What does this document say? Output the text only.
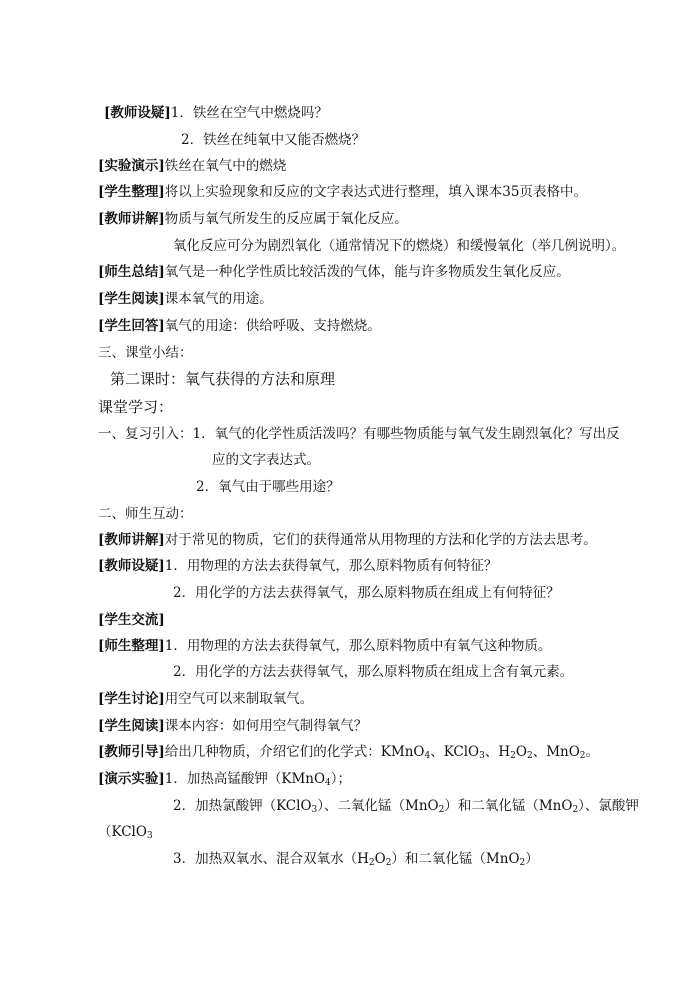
[教师设疑]1．铁丝在空气中燃烧吗？
2．铁丝在纯氧中又能否燃烧？
[实验演示]铁丝在氧气中的燃烧
[学生整理]将以上实验现象和反应的文字表达式进行整理，填入课本35页表格中。
[教师讲解]物质与氧气所发生的反应属于氧化反应。
氧化反应可分为剧烈氧化（通常情况下的燃烧）和缓慢氧化（举几例说明）。
[师生总结]氧气是一种化学性质比较活泼的气体，能与许多物质发生氧化反应。
[学生阅读]课本氧气的用途。
[学生回答]氧气的用途：供给呼吸、支持燃烧。
三、课堂小结：
第二课时：氧气获得的方法和原理
课堂学习：
一、复习引入：1．氧气的化学性质活泼吗？有哪些物质能与氧气发生剧烈氧化？写出反
应的文字表达式。
2．氧气由于哪些用途？
二、师生互动：
[教师讲解]对于常见的物质，它们的获得通常从用物理的方法和化学的方法去思考。
[教师设疑]1．用物理的方法去获得氧气，那么原料物质有何特征？
2．用化学的方法去获得氧气，那么原料物质在组成上有何特征？
[学生交流]
[师生整理]1．用物理的方法去获得氧气，那么原料物质中有氧气这种物质。
2．用化学的方法去获得氧气，那么原料物质在组成上含有氧元素。
[学生讨论]用空气可以来制取氧气。
[学生阅读]课本内容：如何用空气制得氧气？
[教师引导]给出几种物质，介绍它们的化学式：KMnO$_4$、KClO$_3$、$H_2O_2$、MnO$_2$。
[演示实验]1．加热高锰酸钾（KMnO$_4$）；
2．加热氯酸钾（KClO$_3$）、二氧化锰（MnO$_2$）和二氧化锰（MnO$_2$）、氯酸钾
（KClO$_3$
3．加热双氧水、混合双氧水$(H_2O_2)$和二氧化锰（MnO$_2$）
